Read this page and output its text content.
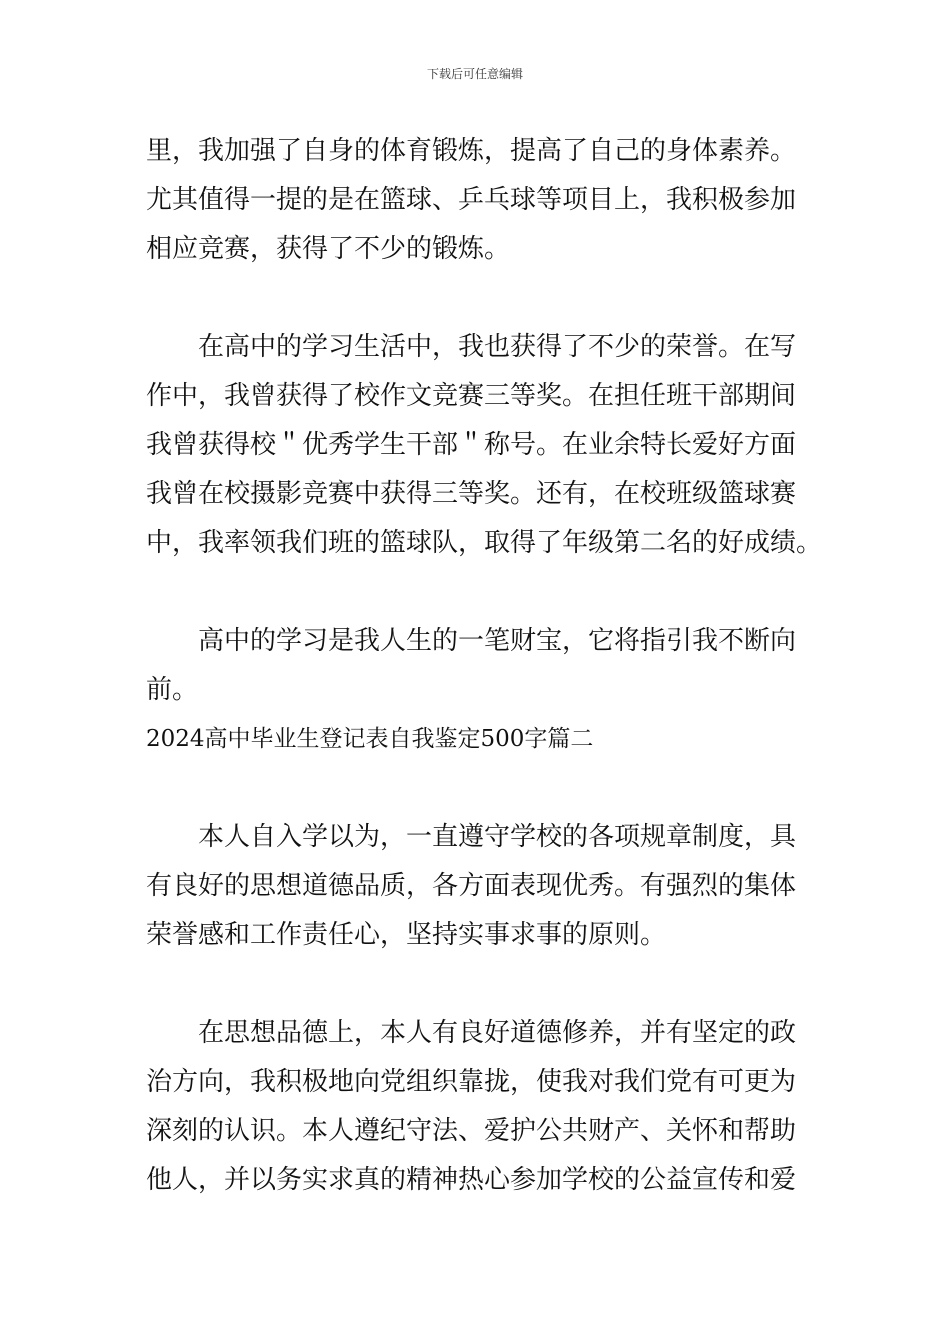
下载后可任意编辑
里，我加强了自身的体育锻炼，提高了自己的身体素养。
尤其值得一提的是在篮球、乒乓球等项目上，我积极参加
相应竞赛，获得了不少的锻炼。
在高中的学习生活中，我也获得了不少的荣誉。在写
作中，我曾获得了校作文竞赛三等奖。在担任班干部期间
我曾获得校＂优秀学生干部＂称号。在业余特长爱好方面
我曾在校摄影竞赛中获得三等奖。还有，在校班级篮球赛
中，我率领我们班的篮球队，取得了年级第二名的好成绩。
高中的学习是我人生的一笔财宝，它将指引我不断向
前。
2024高中毕业生登记表自我鉴定500字篇二
本人自入学以为，一直遵守学校的各项规章制度，具
有良好的思想道德品质，各方面表现优秀。有强烈的集体
荣誉感和工作责任心，坚持实事求事的原则。
在思想品德上，本人有良好道德修养，并有坚定的政
治方向，我积极地向党组织靠拢，使我对我们党有可更为
深刻的认识。本人遵纪守法、爱护公共财产、关怀和帮助
他人，并以务实求真的精神热心参加学校的公益宣传和爱
